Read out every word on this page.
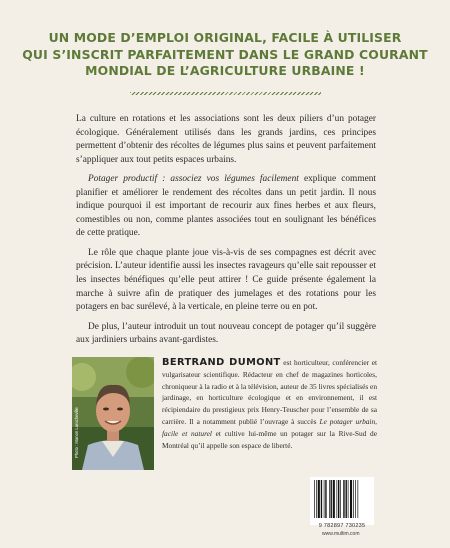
UN MODE D’EMPLOI ORIGINAL, FACILE À UTILISER
QUI S’INSCRIT PARFAITEMENT DANS LE GRAND COURANT
MONDIAL DE L’AGRICULTURE URBAINE !

La culture en rotations et les associations sont les deux piliers d’un potager écologique. Généralement utilisés dans les grands jardins, ces principes permettent d’obtenir des récoltes de légumes plus sains et peuvent parfaitement s’appliquer aux tout petits espaces urbains.

Potager productif : associez vos légumes facilement explique comment planifier et améliorer le rendement des récoltes dans un petit jardin. Il nous indique pourquoi il est important de recourir aux fines herbes et aux fleurs, comestibles ou non, comme plantes associées tout en soulignant les bénéfices de cette pratique.

Le rôle que chaque plante joue vis-à-vis de ses compagnes est décrit avec précision. L’auteur identifie aussi les insectes ravageurs qu’elle sait repousser et les insectes bénéfiques qu’elle peut attirer ! Ce guide présente également la marche à suivre afin de pratiquer des jumelages et des rotations pour les potagers en bac surélevé, à la verticale, en pleine terre ou en pot.

De plus, l’auteur introduit un tout nouveau concept de potager qu’il suggère aux jardiniers urbains avant-gardistes.

Photo : Manon Larocheville
BERTRAND DUMONT est horticulteur, conférencier et vulgarisateur scientifique. Rédacteur en chef de magazines horticoles, chroniqueur à la radio et à la télévision, auteur de 35 livres spécialisés en jardinage, en horticulture écologique et en environnement, il est récipiendaire du prestigieux prix Henry-Teuscher pour l’ensemble de sa carrière. Il a notamment publié l’ouvrage à succès Le potager urbain, facile et naturel et cultive lui-même un potager sur la Rive-Sud de Montréal qu’il appelle son espace de liberté.
9 782897 730235
www.multim.com
